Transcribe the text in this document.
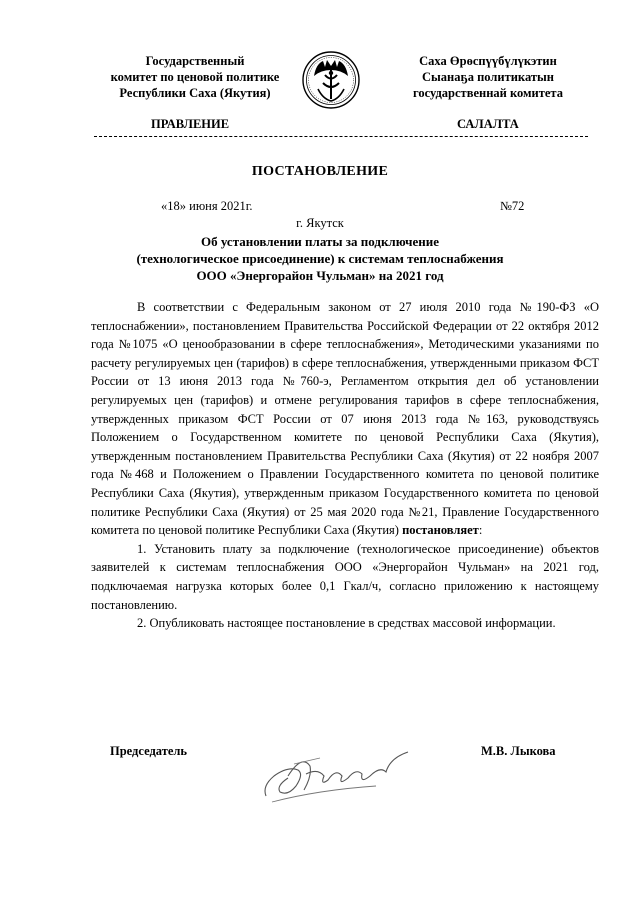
Государственный
комитет по ценовой политике
Республики Саха (Якутия)
Саха Өрөспүүбүлүкэтин
Сыанаҕа политикатын
государственнай комитета
ПРАВЛЕНИЕ	САЛАЛТА
ПОСТАНОВЛЕНИЕ
«18» июня 2021г.	№72
г. Якутск
Об установлении платы за подключение
(технологическое присоединение) к системам теплоснабжения
ООО «Энергорайон Чульман» на 2021 год

В соответствии с Федеральным законом от 27 июля 2010 года №190-ФЗ «О теплоснабжении», постановлением Правительства Российской Федерации от 22 октября 2012 года №1075 «О ценообразовании в сфере теплоснабжения», Методическими указаниями по расчету регулируемых цен (тарифов) в сфере теплоснабжения, утвержденными приказом ФСТ России от 13 июня 2013 года №760-э, Регламентом открытия дел об установлении регулируемых цен (тарифов) и отмене регулирования тарифов в сфере теплоснабжения, утвержденных приказом ФСТ России от 07 июня 2013 года №163, руководствуясь Положением о Государственном комитете по ценовой Республики Саха (Якутия), утвержденным постановлением Правительства Республики Саха (Якутия) от 22 ноября 2007 года №468 и Положением о Правлении Государственного комитета по ценовой политике Республики Саха (Якутия), утвержденным приказом Государственного комитета по ценовой политике Республики Саха (Якутия) от 25 мая 2020 года №21, Правление Государственного комитета по ценовой политике Республики Саха (Якутия) постановляет:

1. Установить плату за подключение (технологическое присоединение) объектов заявителей к системам теплоснабжения ООО «Энергорайон Чульман» на 2021 год, подключаемая нагрузка которых более 0,1 Гкал/ч, согласно приложению к настоящему постановлению.

2. Опубликовать настоящее постановление в средствах массовой информации.

Председатель	М.В. Лыкова
